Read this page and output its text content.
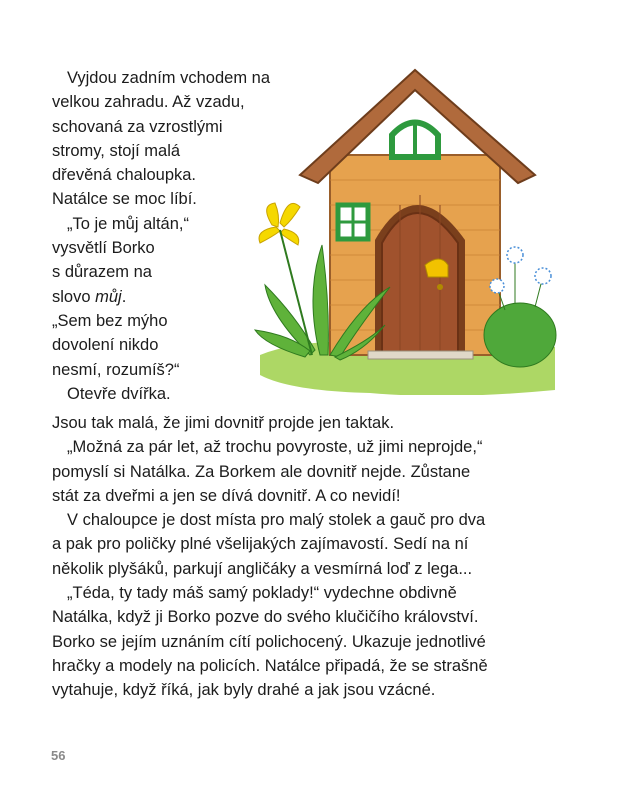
Vyjdou zadním vchodem na
velkou zahradu. Až vzadu,
schovaná za vzrostlými
stromy, stojí malá
dřevěná chaloupka.
Natálce se moc líbí.
„To je můj altán,“
vysvětlí Borko
s důrazem na
slovo můj.
„Sem bez mýho
dovolení nikdo
nesmí, rozumíš?“
Otevře dvířka.
Jsou tak malá, že jimi dovnitř projde jen taktak.
„Možná za pár let, až trochu povyroste, už jimi neprojde,“
pomyslí si Natálka. Za Borkem ale dovnitř nejde. Zůstane
stát za dveřmi a jen se dívá dovnitř. A co nevidí!
V chaloupce je dost místa pro malý stolek a gauč pro dva
a pak pro poličky plné všelijakých zajímavostí. Sedí na ní
několik plyšáků, parkují angličáky a vesmírná loď z lega...
„Téda, ty tady máš samý poklady!“ vydechne obdivně
Natálka, když ji Borko pozve do svého klučičího království.
Borko se jejím uznáním cítí polichocený. Ukazuje jednotlivé
hračky a modely na policích. Natálce připadá, že se strašně
vytahuje, když říká, jak byly drahé a jak jsou vzácné.
56
